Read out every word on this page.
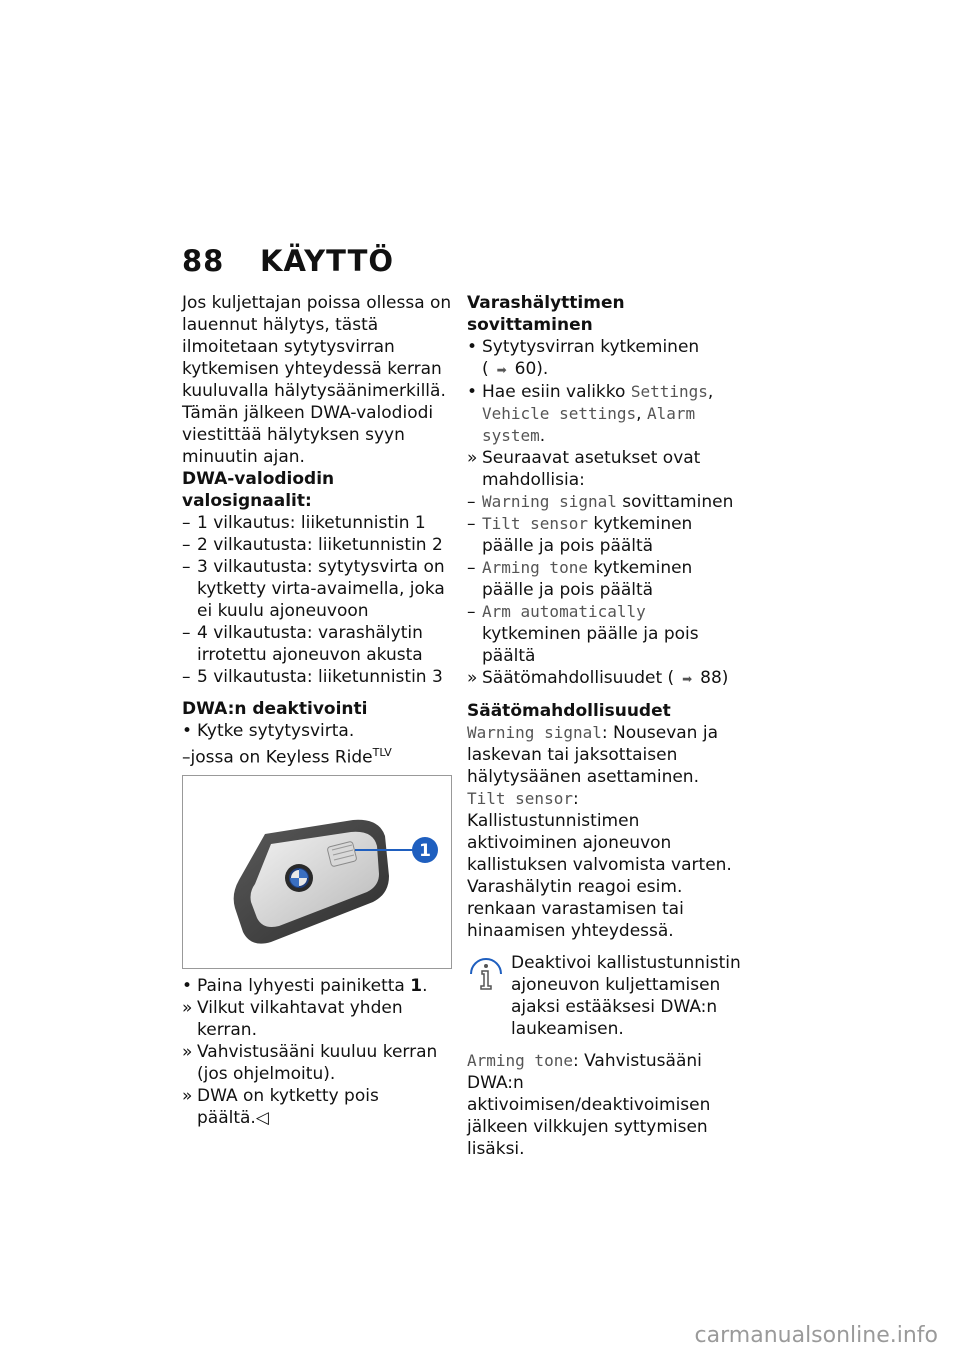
88 KÄYTTÖ

Jos kuljettajan poissa ollessa on lauennut hälytys, tästä ilmoitetaan sytytysvirran kytkemisen yhteydessä kerran kuuluvalla hälytysäänimerkillä. Tämän jälkeen DWA-valodiodi viestittää hälytyksen syyn minuutin ajan.

DWA-valodiodin valosignaalit:

– 1 vilkautus: liiketunnistin 1
– 2 vilkautusta: liiketunnistin 2
– 3 vilkautusta: sytytysvirta on kytketty virta-avaimella, joka ei kuulu ajoneuvoon
– 4 vilkautusta: varashälytin irrotettu ajoneuvon akusta
– 5 vilkautusta: liiketunnistin 3

DWA:n deaktivointi

• Kytke sytytysvirta.
–jossa on Keyless Ride$^{TLV}$
1
• Paina lyhyesti painiketta 1.
» Vilkut vilkahtavat yhden kerran.
» Vahvistusääni kuuluu kerran (jos ohjelmoitu).
» DWA on kytketty pois päältä.◁

Varashälyttimen sovittaminen

• Sytytysvirran kytkeminen
( ➡ 60).
• Hae esiin valikko Settings, Vehicle settings, Alarm system.
» Seuraavat asetukset ovat mahdollisia:
– Warning signal sovittaminen
– Tilt sensor kytkeminen päälle ja pois päältä
– Arming tone kytkeminen päälle ja pois päältä
– Arm automatically kytkeminen päälle ja pois päältä
» Säätömahdollisuudet ( ➡ 88)

Säätömahdollisuudet

Warning signal: Nousevan ja laskevan tai jaksottaisen hälytysäänen asettaminen.

Tilt sensor: Kallistustunnistimen aktivoiminen ajoneuvon kallistuksen valvomista varten. Varashälytin reagoi esim. renkaan varastamisen tai hinaamisen yhteydessä.

Deaktivoi kallistustunnistin ajoneuvon kuljettamisen ajaksi estääksesi DWA:n laukeamisen.

Arming tone: Vahvistusääni DWA:n aktivoimisen/deaktivoimisen jälkeen vilkkujen syttymisen lisäksi.

carmanualsonline.info
